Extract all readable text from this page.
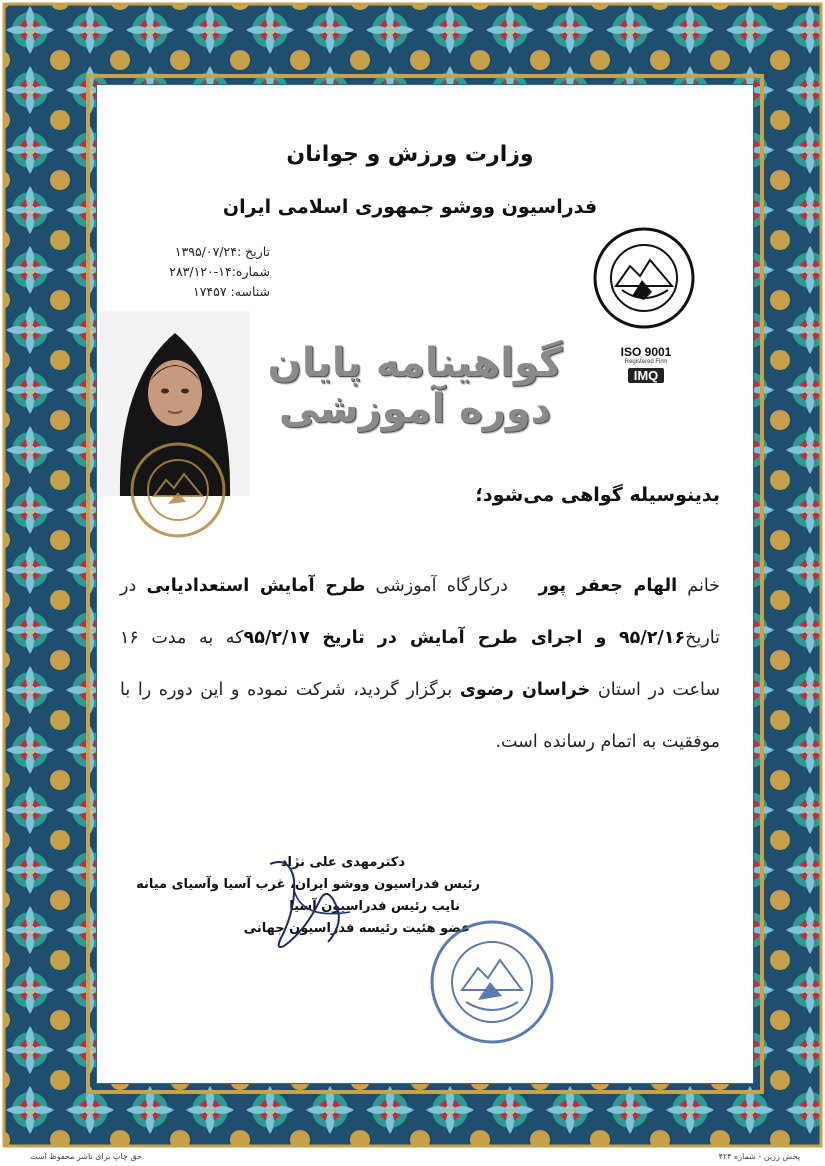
وزارت ورزش و جوانان
فدراسیون ووشو جمهوری اسلامی ایران
تاریخ :۱۳۹۵/۰۷/۲۴
شماره:۱۴-۲۸۳/۱۲۰
شناسه: ۱۷۴۵۷
ISO 9001
Registered Firm
IMQ
گواهینامه پایان دوره آموزشی
بدینوسیله گواهی می‌شود؛
خانم الهام جعفر پور   درکارگاه آموزشی طرح آمایش استعدادیابی در
تاریخ۹۵/۲/۱۶ و اجرای طرح آمایش در تاریخ ۹۵/۲/۱۷که به مدت ۱۶
ساعت در استان خراسان رضوی برگزار گردید، شرکت نموده و این دوره را با
موفقیت به اتمام رسانده است.
دکترمهدی علی نژاد
رئیس فدراسیون ووشو ایران، غرب آسیا وآسیای میانه
نایب رئیس فدراسیون آسیا
عضو هئیت رئیسه فدراسیون جهانی
حق چاپ برای ناشر محفوظ است	پخش زرین - شماره ۴۲۴
